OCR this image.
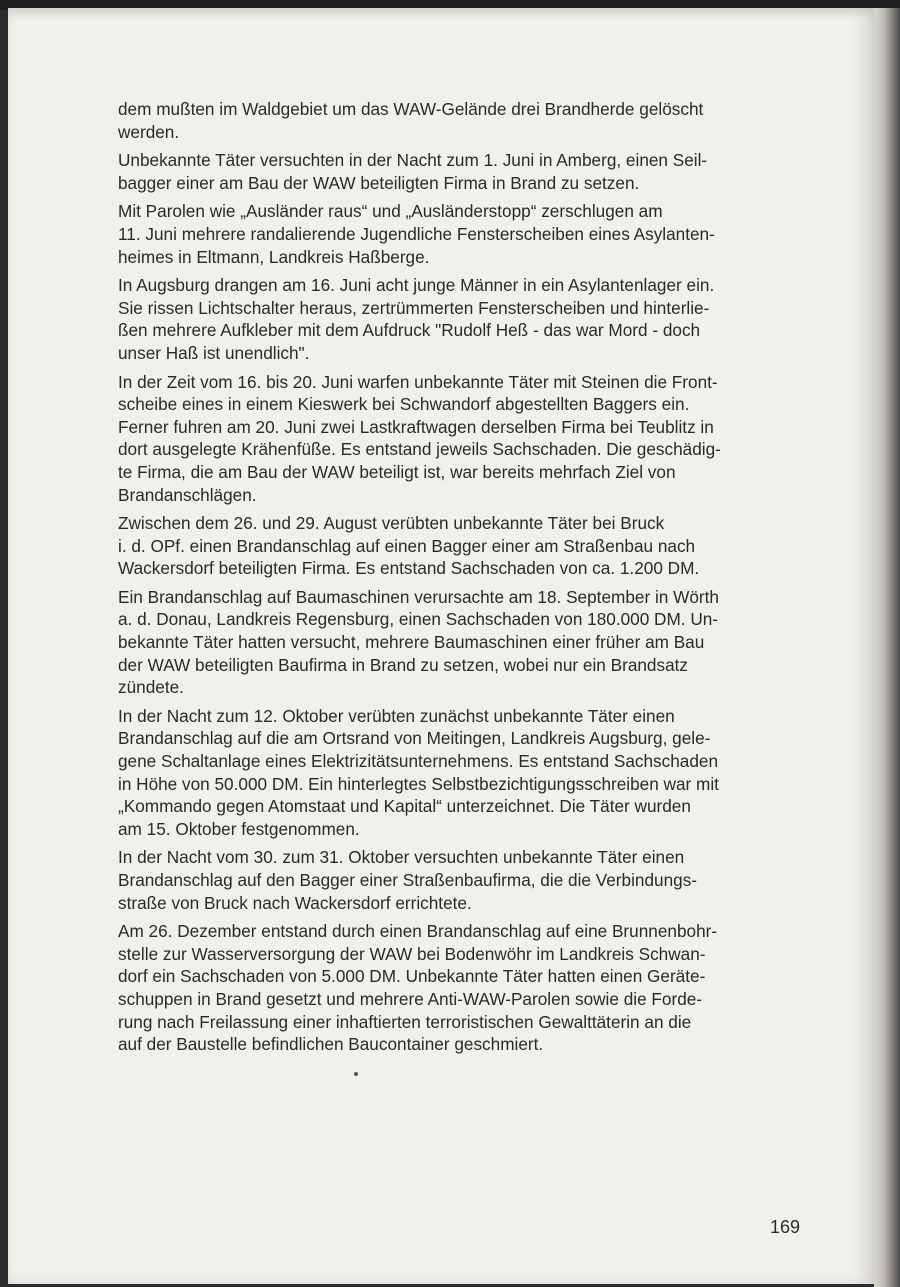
dem mußten im Waldgebiet um das WAW-Gelände drei Brandherde gelöscht
werden.

Unbekannte Täter versuchten in der Nacht zum 1. Juni in Amberg, einen Seil-
bagger einer am Bau der WAW beteiligten Firma in Brand zu setzen.

Mit Parolen wie „Ausländer raus“ und „Ausländerstopp“ zerschlugen am
11. Juni mehrere randalierende Jugendliche Fensterscheiben eines Asylanten-
heimes in Eltmann, Landkreis Haßberge.

In Augsburg drangen am 16. Juni acht junge Männer in ein Asylantenlager ein.
Sie rissen Lichtschalter heraus, zertrümmerten Fensterscheiben und hinterlie-
ßen mehrere Aufkleber mit dem Aufdruck "Rudolf Heß - das war Mord - doch
unser Haß ist unendlich".

In der Zeit vom 16. bis 20. Juni warfen unbekannte Täter mit Steinen die Front-
scheibe eines in einem Kieswerk bei Schwandorf abgestellten Baggers ein.
Ferner fuhren am 20. Juni zwei Lastkraftwagen derselben Firma bei Teublitz in
dort ausgelegte Krähenfüße. Es entstand jeweils Sachschaden. Die geschädig-
te Firma, die am Bau der WAW beteiligt ist, war bereits mehrfach Ziel von
Brandanschlägen.

Zwischen dem 26. und 29. August verübten unbekannte Täter bei Bruck
i. d. OPf. einen Brandanschlag auf einen Bagger einer am Straßenbau nach
Wackersdorf beteiligten Firma. Es entstand Sachschaden von ca. 1.200 DM.

Ein Brandanschlag auf Baumaschinen verursachte am 18. September in Wörth
a. d. Donau, Landkreis Regensburg, einen Sachschaden von 180.000 DM. Un-
bekannte Täter hatten versucht, mehrere Baumaschinen einer früher am Bau
der WAW beteiligten Baufirma in Brand zu setzen, wobei nur ein Brandsatz
zündete.

In der Nacht zum 12. Oktober verübten zunächst unbekannte Täter einen
Brandanschlag auf die am Ortsrand von Meitingen, Landkreis Augsburg, gele-
gene Schaltanlage eines Elektrizitätsunternehmens. Es entstand Sachschaden
in Höhe von 50.000 DM. Ein hinterlegtes Selbstbezichtigungsschreiben war mit
„Kommando gegen Atomstaat und Kapital“ unterzeichnet. Die Täter wurden
am 15. Oktober festgenommen.

In der Nacht vom 30. zum 31. Oktober versuchten unbekannte Täter einen
Brandanschlag auf den Bagger einer Straßenbaufirma, die die Verbindungs-
straße von Bruck nach Wackersdorf errichtete.

Am 26. Dezember entstand durch einen Brandanschlag auf eine Brunnenbohr-
stelle zur Wasserversorgung der WAW bei Bodenwöhr im Landkreis Schwan-
dorf ein Sachschaden von 5.000 DM. Unbekannte Täter hatten einen Geräte-
schuppen in Brand gesetzt und mehrere Anti-WAW-Parolen sowie die Forde-
rung nach Freilassung einer inhaftierten terroristischen Gewalttäterin an die
auf der Baustelle befindlichen Baucontainer geschmiert.

169
